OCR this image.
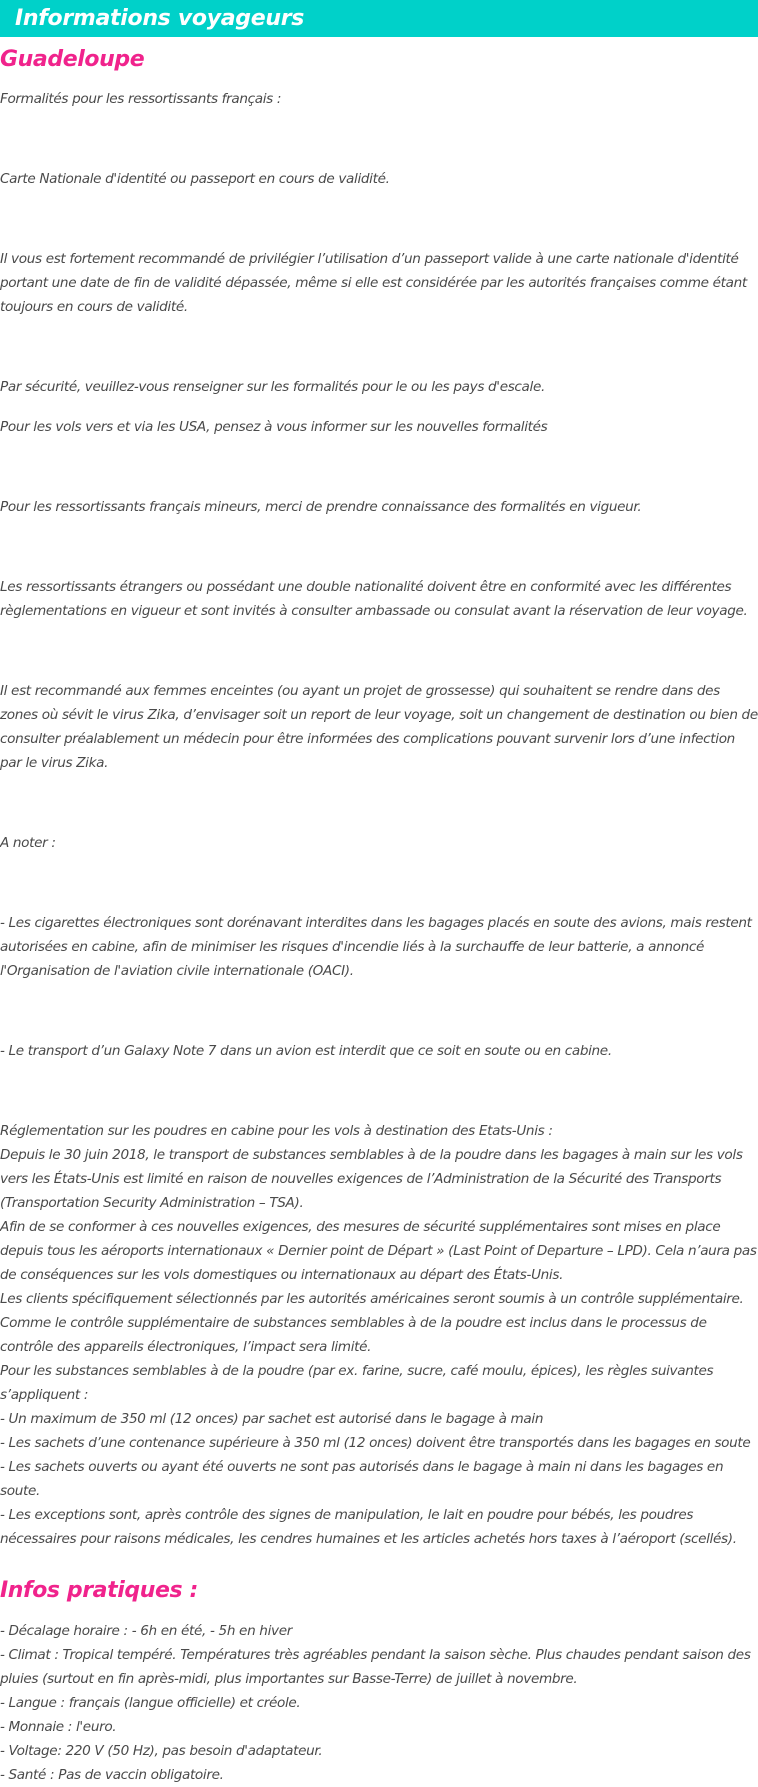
Informations voyageurs
Guadeloupe

Formalités pour les ressortissants français :

Carte Nationale d'identité ou passeport en cours de validité.

Il vous est fortement recommandé de privilégier l’utilisation d’un passeport valide à une carte nationale d'identité portant une date de fin de validité dépassée, même si elle est considérée par les autorités françaises comme étant toujours en cours de validité.

Par sécurité, veuillez-vous renseigner sur les formalités pour le ou les pays d'escale.

Pour les vols vers et via les USA, pensez à vous informer sur les nouvelles formalités

Pour les ressortissants français mineurs, merci de prendre connaissance des formalités en vigueur.

Les ressortissants étrangers ou possédant une double nationalité doivent être en conformité avec les différentes règlementations en vigueur et sont invités à consulter ambassade ou consulat avant la réservation de leur voyage.

Il est recommandé aux femmes enceintes (ou ayant un projet de grossesse) qui souhaitent se rendre dans des zones où sévit le virus Zika, d’envisager soit un report de leur voyage, soit un changement de destination ou bien de consulter préalablement un médecin pour être informées des complications pouvant survenir lors d’une infection par le virus Zika.

A noter :

- Les cigarettes électroniques sont dorénavant interdites dans les bagages placés en soute des avions, mais restent autorisées en cabine, afin de minimiser les risques d'incendie liés à la surchauffe de leur batterie, a annoncé l'Organisation de l'aviation civile internationale (OACI).

- Le transport d’un Galaxy Note 7 dans un avion est interdit que ce soit en soute ou en cabine.

Réglementation sur les poudres en cabine pour les vols à destination des Etats-Unis :

Depuis le 30 juin 2018, le transport de substances semblables à de la poudre dans les bagages à main sur les vols vers les États-Unis est limité en raison de nouvelles exigences de l’Administration de la Sécurité des Transports (Transportation Security Administration – TSA).

Afin de se conformer à ces nouvelles exigences, des mesures de sécurité supplémentaires sont mises en place depuis tous les aéroports internationaux « Dernier point de Départ » (Last Point of Departure – LPD). Cela n’aura pas de conséquences sur les vols domestiques ou internationaux au départ des États-Unis.

Les clients spécifiquement sélectionnés par les autorités américaines seront soumis à un contrôle supplémentaire.

Comme le contrôle supplémentaire de substances semblables à de la poudre est inclus dans le processus de contrôle des appareils électroniques, l’impact sera limité.

Pour les substances semblables à de la poudre (par ex. farine, sucre, café moulu, épices), les règles suivantes s’appliquent :

- Un maximum de 350 ml (12 onces) par sachet est autorisé dans le bagage à main

- Les sachets d’une contenance supérieure à 350 ml (12 onces) doivent être transportés dans les bagages en soute

- Les sachets ouverts ou ayant été ouverts ne sont pas autorisés dans le bagage à main ni dans les bagages en soute.

- Les exceptions sont, après contrôle des signes de manipulation, le lait en poudre pour bébés, les poudres nécessaires pour raisons médicales, les cendres humaines et les articles achetés hors taxes à l’aéroport (scellés).

Infos pratiques :

- Décalage horaire : - 6h en été, - 5h en hiver

- Climat : Tropical tempéré. Températures très agréables pendant la saison sèche. Plus chaudes pendant saison des pluies (surtout en fin après-midi, plus importantes sur Basse-Terre) de juillet à novembre.

- Langue : français (langue officielle) et créole.

- Monnaie : l'euro.

- Voltage: 220 V (50 Hz), pas besoin d'adaptateur.

- Santé : Pas de vaccin obligatoire.
